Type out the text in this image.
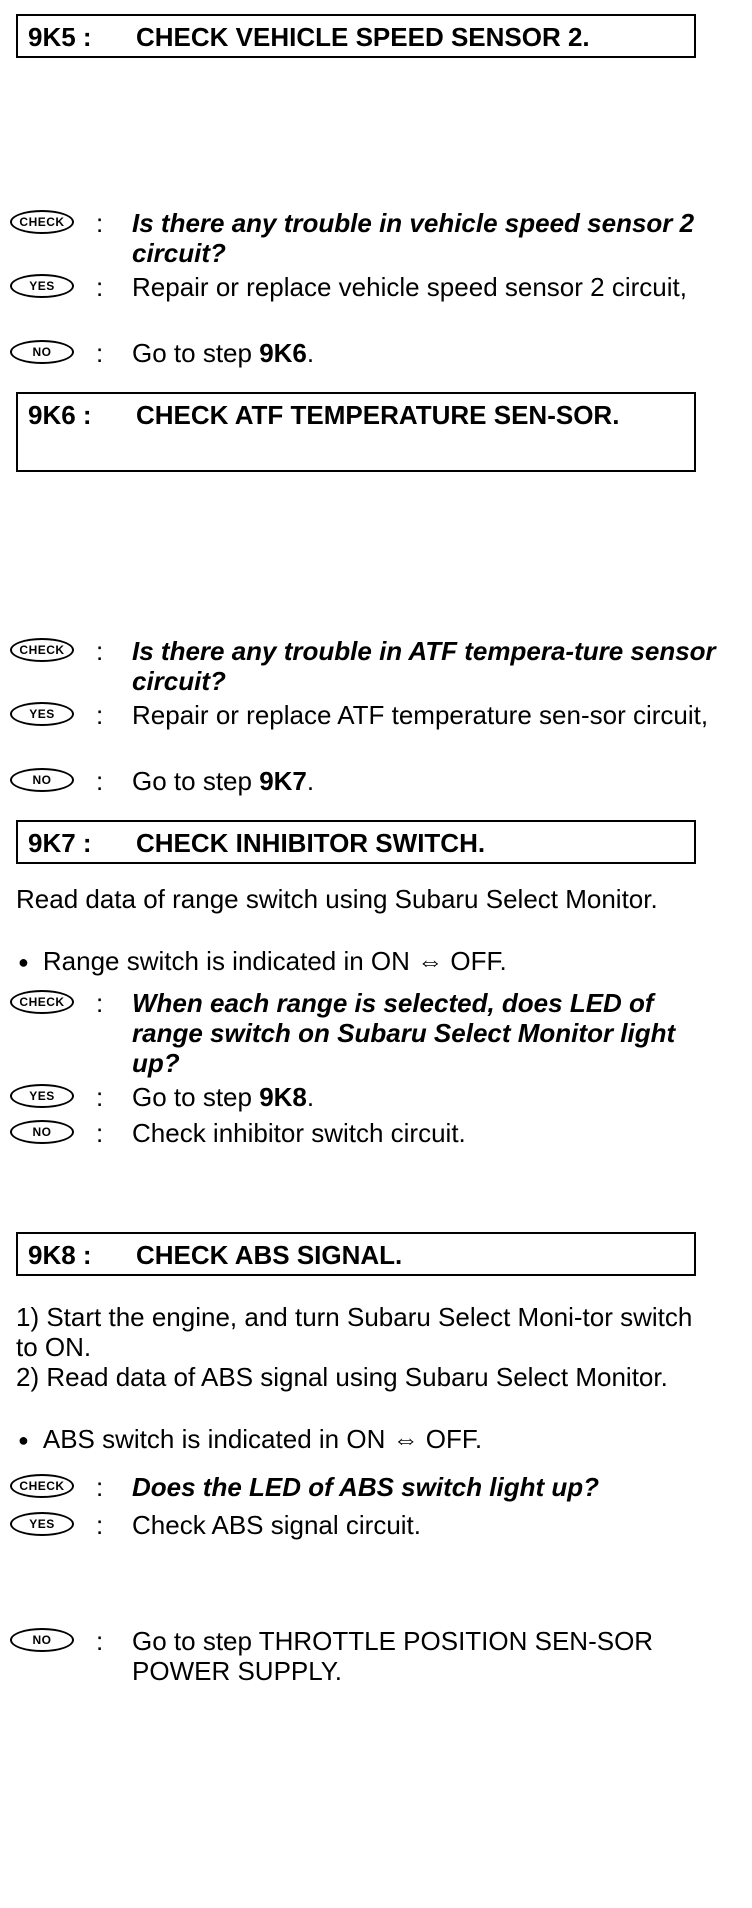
9K5 : CHECK VEHICLE SPEED SENSOR 2.
CHECK	: Is there any trouble in vehicle speed sensor 2 circuit?
YES	: Repair or replace vehicle speed sensor 2 circuit,
NO	: Go to step 9K6.
9K6 : CHECK ATF TEMPERATURE SEN-SOR.
CHECK	: Is there any trouble in ATF tempera-ture sensor circuit?
YES	: Repair or replace ATF temperature sen-sor circuit,
NO	: Go to step 9K7.
9K7 : CHECK INHIBITOR SWITCH.
Read data of range switch using Subaru Select Monitor.
● Range switch is indicated in ON ⇔ OFF.
CHECK	: When each range is selected, does LED of range switch on Subaru Select Monitor light up?
YES	: Go to step 9K8.
NO	: Check inhibitor switch circuit.
9K8 : CHECK ABS SIGNAL.
1) Start the engine, and turn Subaru Select Moni-tor switch to ON.
2) Read data of ABS signal using Subaru Select Monitor.
● ABS switch is indicated in ON ⇔ OFF.
CHECK	: Does the LED of ABS switch light up?
YES	: Check ABS signal circuit.
NO	: Go to step THROTTLE POSITION SEN-SOR POWER SUPPLY.
